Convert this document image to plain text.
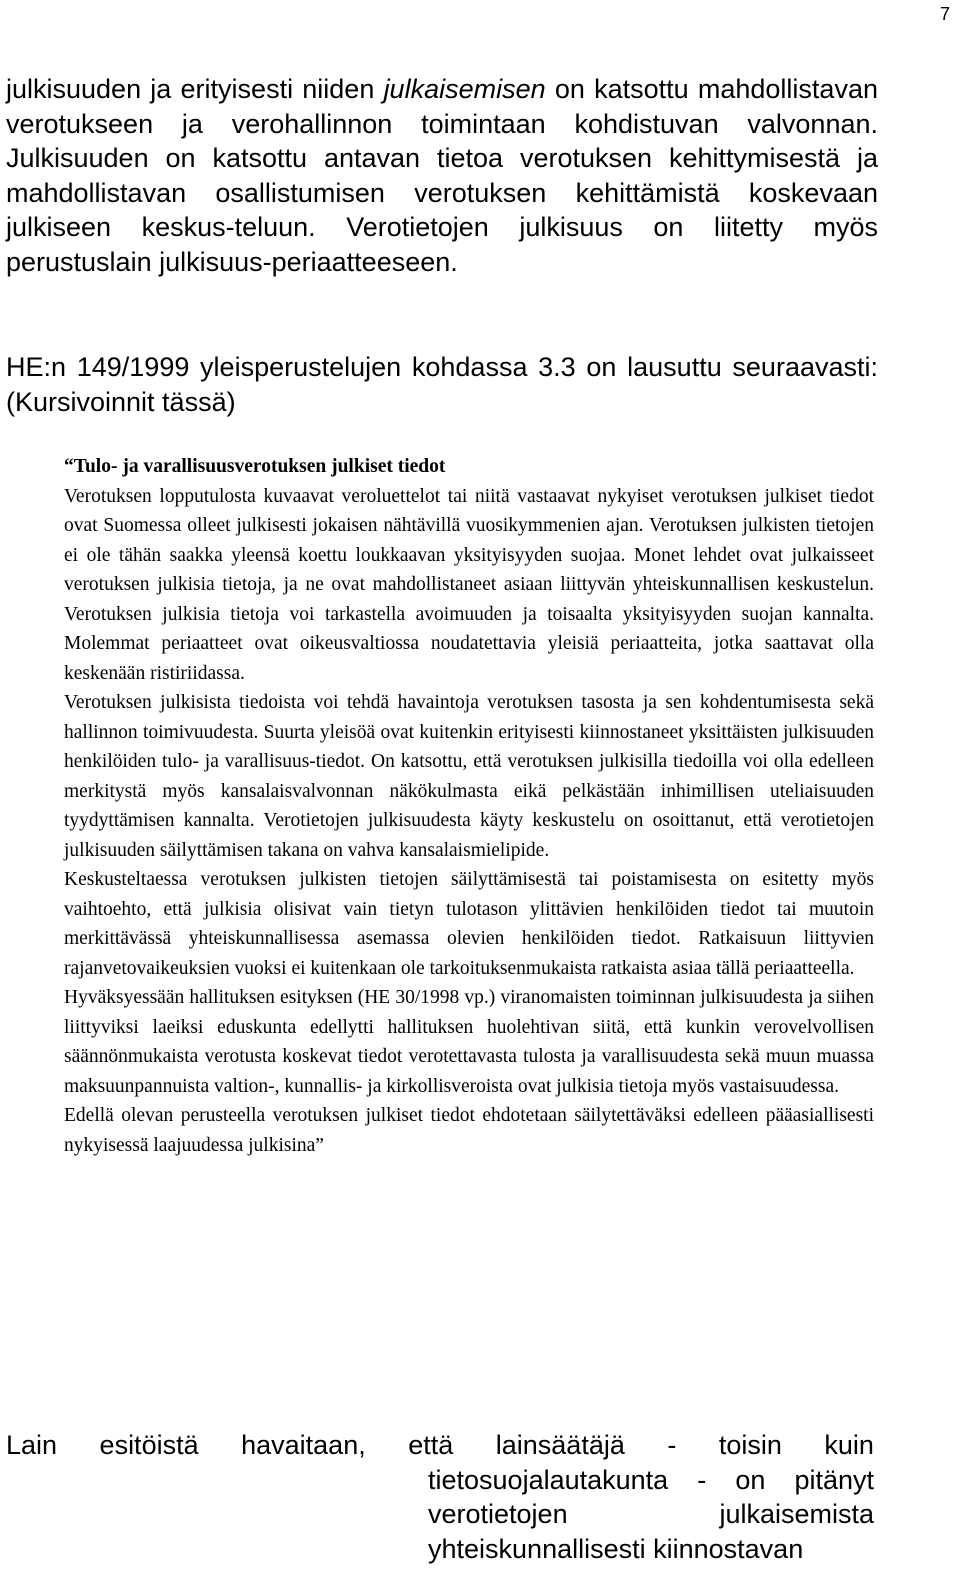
7

julkisuuden ja erityisesti niiden julkaisemisen on katsottu mahdollistavan verotukseen ja verohallinnon toimintaan kohdistuvan valvonnan. Julkisuuden on katsottu antavan tietoa verotuksen kehittymisestä ja mahdollistavan osallistumisen verotuksen kehittämistä koskevaan julkiseen keskus-teluun. Verotietojen julkisuus on liitetty myös perustuslain julkisuus-periaatteeseen.

HE:n 149/1999 yleisperustelujen kohdassa 3.3 on lausuttu seuraavasti: (Kursivoinnit tässä)

“Tulo- ja varallisuusverotuksen julkiset tiedot

Verotuksen lopputulosta kuvaavat veroluettelot tai niitä vastaavat nykyiset verotuksen julkiset tiedot ovat Suomessa olleet julkisesti jokaisen nähtävillä vuosikymmenien ajan. Verotuksen julkisten tietojen ei ole tähän saakka yleensä koettu loukkaavan yksityisyyden suojaa. Monet lehdet ovat julkaisseet verotuksen julkisia tietoja, ja ne ovat mahdollistaneet asiaan liittyvän yhteiskunnallisen keskustelun. Verotuksen julkisia tietoja voi tarkastella avoimuuden ja toisaalta yksityisyyden suojan kannalta. Molemmat periaatteet ovat oikeusvaltiossa noudatettavia yleisiä periaatteita, jotka saattavat olla keskenään ristiriidassa.

Verotuksen julkisista tiedoista voi tehdä havaintoja verotuksen tasosta ja sen kohdentumisesta sekä hallinnon toimivuudesta. Suurta yleisöä ovat kuitenkin erityisesti kiinnostaneet yksittäisten julkisuuden henkilöiden tulo- ja varallisuus-tiedot. On katsottu, että verotuksen julkisilla tiedoilla voi olla edelleen merkitystä myös kansalaisvalvonnan näkökulmasta eikä pelkästään inhimillisen uteliaisuuden tyydyttämisen kannalta. Verotietojen julkisuudesta käyty keskustelu on osoittanut, että verotietojen julkisuuden säilyttämisen takana on vahva kansalaismielipide.

Keskusteltaessa verotuksen julkisten tietojen säilyttämisestä tai poistamisesta on esitetty myös vaihtoehto, että julkisia olisivat vain tietyn tulotason ylittävien henkilöiden tiedot tai muutoin merkittävässä yhteiskunnallisessa asemassa olevien henkilöiden tiedot. Ratkaisuun liittyvien rajanvetovaikeuksien vuoksi ei kuitenkaan ole tarkoituksenmukaista ratkaista asiaa tällä periaatteella.

Hyväksyessään hallituksen esityksen (HE 30/1998 vp.) viranomaisten toiminnan julkisuudesta ja siihen liittyviksi laeiksi eduskunta edellytti hallituksen huolehtivan siitä, että kunkin verovelvollisen säännönmukaista verotusta koskevat tiedot verotettavasta tulosta ja varallisuudesta sekä muun muassa maksuunpannuista valtion-, kunnallis- ja kirkollisveroista ovat julkisia tietoja myös vastaisuudessa.

Edellä olevan perusteella verotuksen julkiset tiedot ehdotetaan säilytettäväksi edelleen pääasiallisesti nykyisessä laajuudessa julkisina”

Lain esitöistä havaitaan, että lainsäätäjä - toisin kuin
tietosuojalautakunta - on pitänyt verotietojen julkaisemista yhteiskunnallisesti kiinnostavan
